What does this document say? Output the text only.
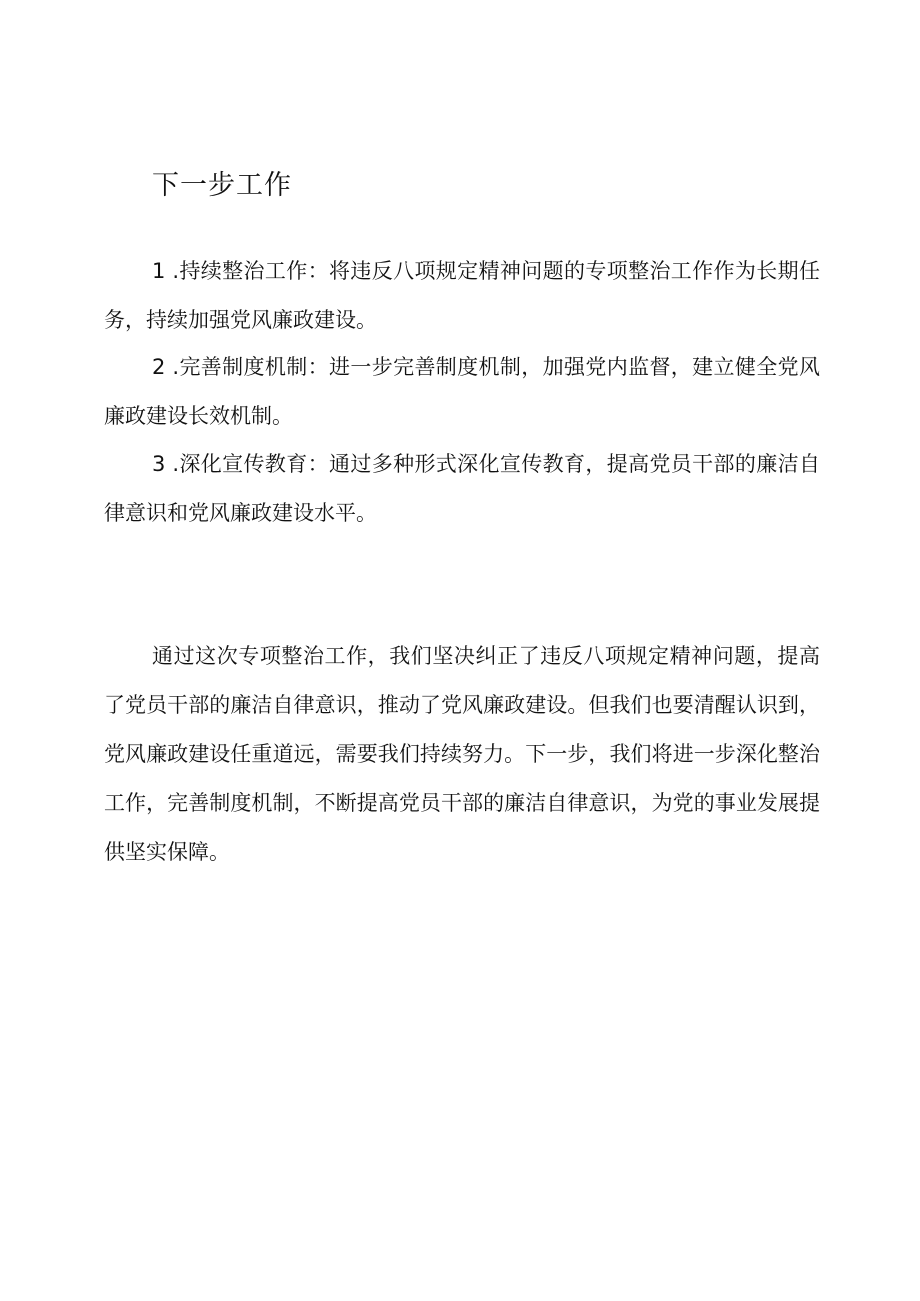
下一步工作

1 .持续整治工作：将违反八项规定精神问题的专项整治工作作为长期任务，持续加强党风廉政建设。

2 .完善制度机制：进一步完善制度机制，加强党内监督，建立健全党风廉政建设长效机制。

3 .深化宣传教育：通过多种形式深化宣传教育，提高党员干部的廉洁自律意识和党风廉政建设水平。

通过这次专项整治工作，我们坚决纠正了违反八项规定精神问题，提高了党员干部的廉洁自律意识，推动了党风廉政建设。但我们也要清醒认识到，党风廉政建设任重道远，需要我们持续努力。下一步，我们将进一步深化整治工作，完善制度机制，不断提高党员干部的廉洁自律意识，为党的事业发展提供坚实保障。
